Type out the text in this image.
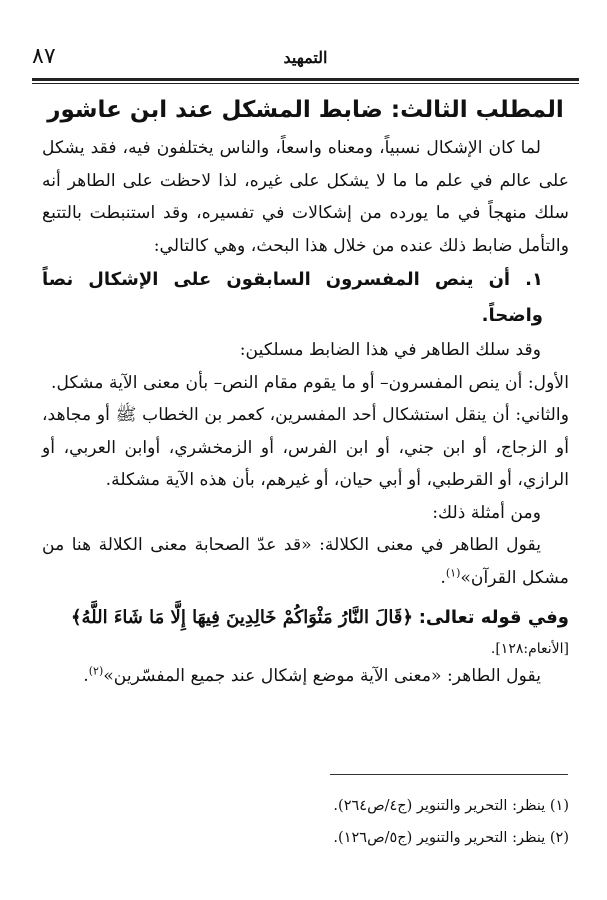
٨٧	التمهيد
المطلب الثالث: ضابط المشكل عند ابن عاشور

لما كان الإشكال نسبياً، ومعناه واسعاً، والناس يختلفون فيه، فقد يشكل على عالم في علم ما ما لا يشكل على غيره، لذا لاحظت على الطاهر أنه سلك منهجاً في ما يورده من إشكالات في تفسيره، وقد استنبطت بالتتبع والتأمل ضابط ذلك عنده من خلال هذا البحث، وهي كالتالي:

١. أن ينص المفسرون السابقون على الإشكال نصاً واضحاً.

وقد سلك الطاهر في هذا الضابط مسلكين:

الأول: أن ينص المفسرون– أو ما يقوم مقام النص– بأن معنى الآية مشكل.

والثاني: أن ينقل استشكال أحد المفسرين، كعمر بن الخطاب ﷺ أو مجاهد، أو الزجاج، أو ابن جني، أو ابن الفرس، أو الزمخشري، أوابن العربي، أو الرازي، أو القرطبي، أو أبي حيان، أو غيرهم، بأن هذه الآية مشكلة.

ومن أمثلة ذلك:

يقول الطاهر في معنى الكلالة: «قد عدّ الصحابة معنى الكلالة هنا من مشكل القرآن»$^{(١)}$.

وفي قوله تعالى: ﴿قَالَ النَّارُ مَثْوَاكُمْ خَالِدِينَ فِيهَا إِلَّا مَا شَاءَ اللَّهُ﴾

[الأنعام:١٢٨].

يقول الطاهر: «معنى الآية موضع إشكال عند جميع المفسّرين»$^{(٢)}$.

(١) ينظر: التحرير والتنوير (ج٤/ص٢٦٤).

(٢) ينظر: التحرير والتنوير (ج٥/ص١٢٦).
